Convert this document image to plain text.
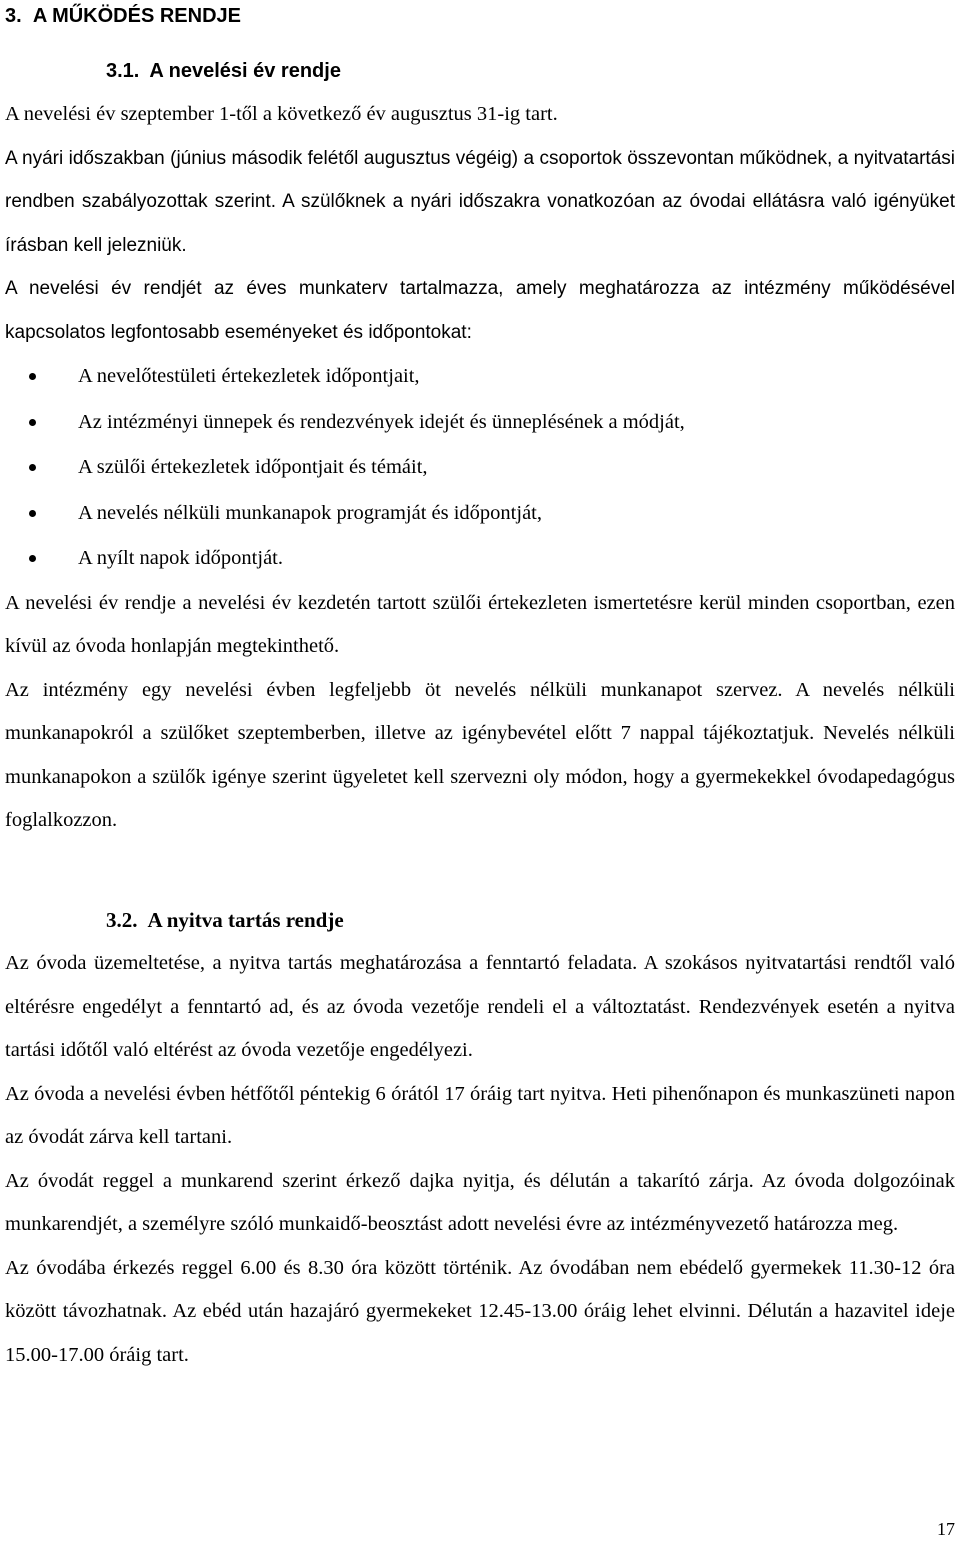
3. A MŰKÖDÉS RENDJE
3.1. A nevelési év rendje

A nevelési év szeptember 1-től a következő év augusztus 31-ig tart.

A nyári időszakban (június második felétől augusztus végéig) a csoportok összevontan működnek, a nyitvatartási rendben szabályozottak szerint. A szülőknek a nyári időszakra vonatkozóan az óvodai ellátásra való igényüket írásban kell jelezniük.

A nevelési év rendjét az éves munkaterv tartalmazza, amely meghatározza az intézmény működésével kapcsolatos legfontosabb eseményeket és időpontokat:

A nevelőtestületi értekezletek időpontjait,
Az intézményi ünnepek és rendezvények idejét és ünneplésének a módját,
A szülői értekezletek időpontjait és témáit,
A nevelés nélküli munkanapok programját és időpontját,
A nyílt napok időpontját.

A nevelési év rendje a nevelési év kezdetén tartott szülői értekezleten ismertetésre kerül minden csoportban, ezen kívül az óvoda honlapján megtekinthető.

Az intézmény egy nevelési évben legfeljebb öt nevelés nélküli munkanapot szervez. A nevelés nélküli munkanapokról a szülőket szeptemberben, illetve az igénybevétel előtt 7 nappal tájékoztatjuk. Nevelés nélküli munkanapokon a szülők igénye szerint ügyeletet kell szervezni oly módon, hogy a gyermekekkel óvodapedagógus foglalkozzon.

3.2. A nyitva tartás rendje

Az óvoda üzemeltetése, a nyitva tartás meghatározása a fenntartó feladata. A szokásos nyitvatartási rendtől való eltérésre engedélyt a fenntartó ad, és az óvoda vezetője rendeli el a változtatást. Rendezvények esetén a nyitva tartási időtől való eltérést az óvoda vezetője engedélyezi.

Az óvoda a nevelési évben hétfőtől péntekig 6 órától 17 óráig tart nyitva. Heti pihenőnapon és munkaszüneti napon az óvodát zárva kell tartani.

Az óvodát reggel a munkarend szerint érkező dajka nyitja, és délután a takarító zárja. Az óvoda dolgozóinak munkarendjét, a személyre szóló munkaidő-beosztást adott nevelési évre az intézményvezető határozza meg.

Az óvodába érkezés reggel 6.00 és 8.30 óra között történik. Az óvodában nem ebédelő gyermekek 11.30-12 óra között távozhatnak. Az ebéd után hazajáró gyermekeket 12.45-13.00 óráig lehet elvinni. Délután a hazavitel ideje 15.00-17.00 óráig tart.

17
